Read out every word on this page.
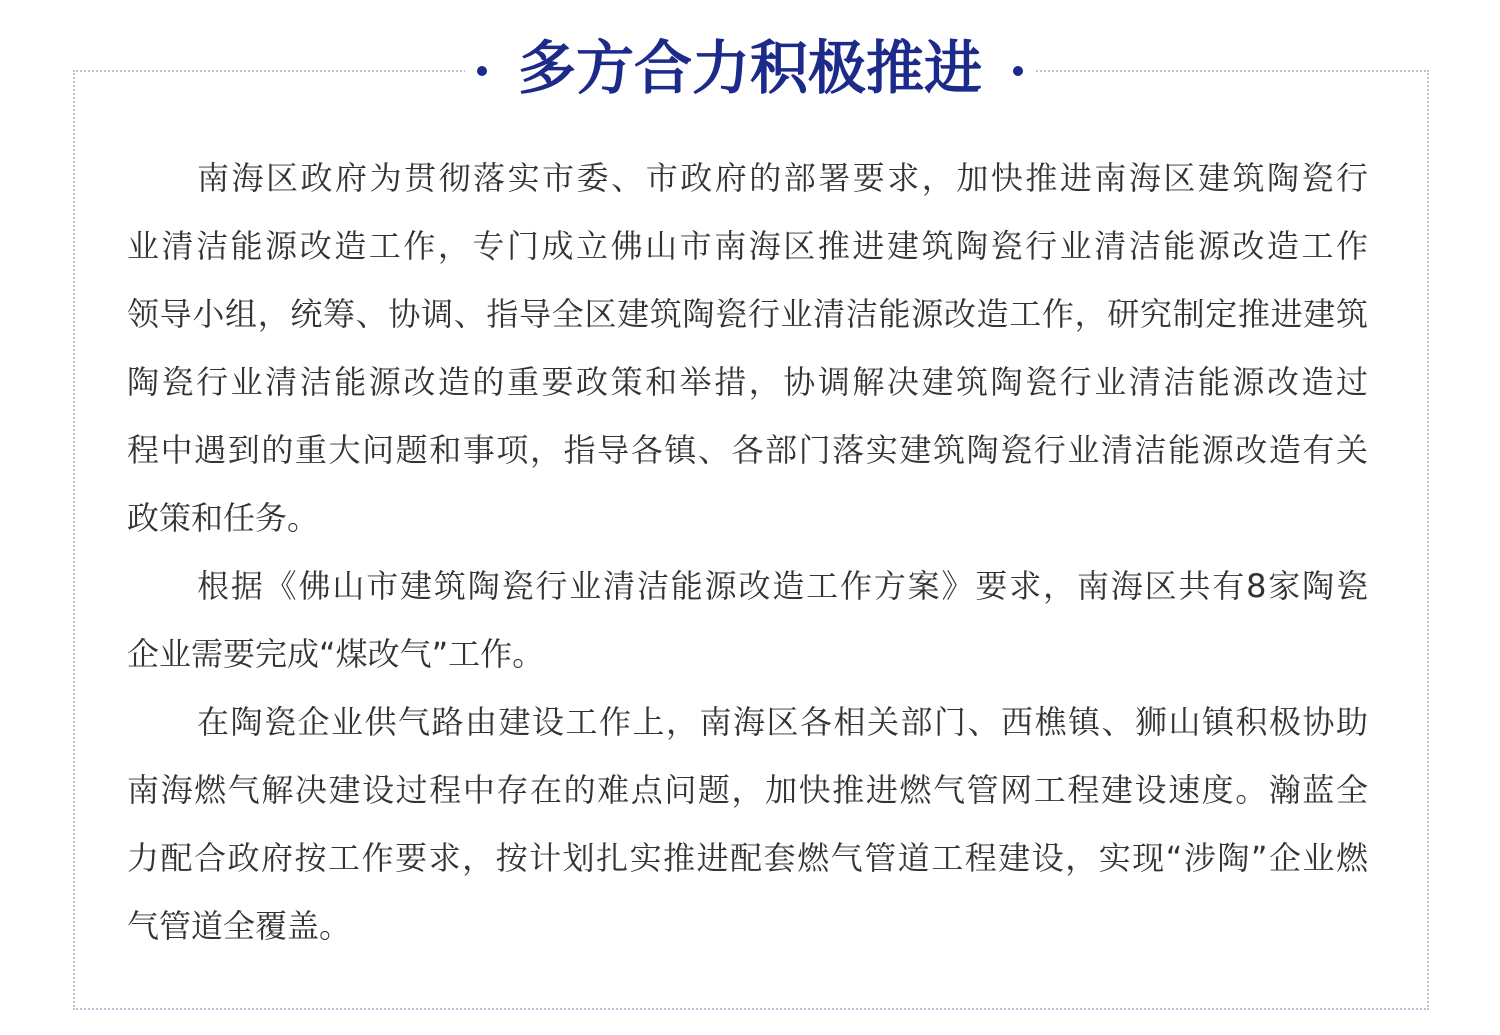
多方合力积极推进
南海区政府为贯彻落实市委、市政府的部署要求，加快推进南海区建筑陶瓷行
业清洁能源改造工作，专门成立佛山市南海区推进建筑陶瓷行业清洁能源改造工作
领导小组，统筹、协调、指导全区建筑陶瓷行业清洁能源改造工作，研究制定推进建筑
陶瓷行业清洁能源改造的重要政策和举措，协调解决建筑陶瓷行业清洁能源改造过
程中遇到的重大问题和事项，指导各镇、各部门落实建筑陶瓷行业清洁能源改造有关
政策和任务。
根据《佛山市建筑陶瓷行业清洁能源改造工作方案》要求，南海区共有8家陶瓷
企业需要完成“煤改气”工作。
在陶瓷企业供气路由建设工作上，南海区各相关部门、西樵镇、狮山镇积极协助
南海燃气解决建设过程中存在的难点问题，加快推进燃气管网工程建设速度。瀚蓝全
力配合政府按工作要求，按计划扎实推进配套燃气管道工程建设，实现“涉陶”企业燃
气管道全覆盖。
